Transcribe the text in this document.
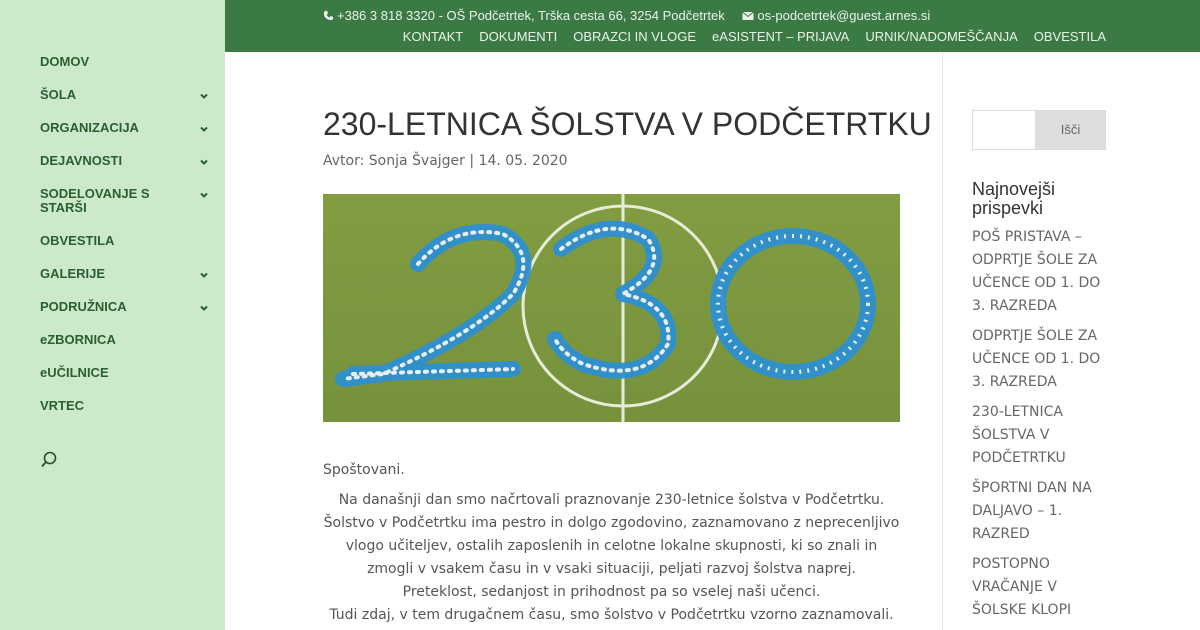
DOMOV
ŠOLA
ORGANIZACIJA
DEJAVNOSTI
SODELOVANJE S STARŠI
OBVESTILA
GALERIJE
PODRUŽNICA
eZBORNICA
eUČILNICE
VRTEC
+386 3 818 3320 - OŠ Podčetrtek, Trška cesta 66, 3254 Podčetrtek	os-podcetrtek@guest.arnes.si
KONTAKT DOKUMENTI OBRAZCI IN VLOGE eASISTENT – PRIJAVA URNIK/NADOMEŠČANJA OBVESTILA
230-LETNICA ŠOLSTVA V PODČETRTKU
Avtor: Sonja Švajger | 14. 05. 2020

Spoštovani.

Na današnji dan smo načrtovali praznovanje 230-letnice šolstva v Podčetrtku.

Šolstvo v Podčetrtku ima pestro in dolgo zgodovino, zaznamovano z neprecenljivo vlogo učiteljev, ostalih zaposlenih in celotne lokalne skupnosti, ki so znali in zmogli v vsakem času in v vsaki situaciji, peljati razvoj šolstva naprej.

Preteklost, sedanjost in prihodnost pa so vselej naši učenci.

Tudi zdaj, v tem drugačnem času, smo šolstvo v Podčetrtku vzorno zaznamovali.

Išči
Najnovejši prispevki
POŠ PRISTAVA – ODPRTJE ŠOLE ZA UČENCE OD 1. DO 3. RAZREDA
ODPRTJE ŠOLE ZA UČENCE OD 1. DO 3. RAZREDA
230-LETNICA ŠOLSTVA V PODČETRTKU
ŠPORTNI DAN NA DALJAVO – 1. RAZRED
POSTOPNO VRAČANJE V ŠOLSKE KLOPI
